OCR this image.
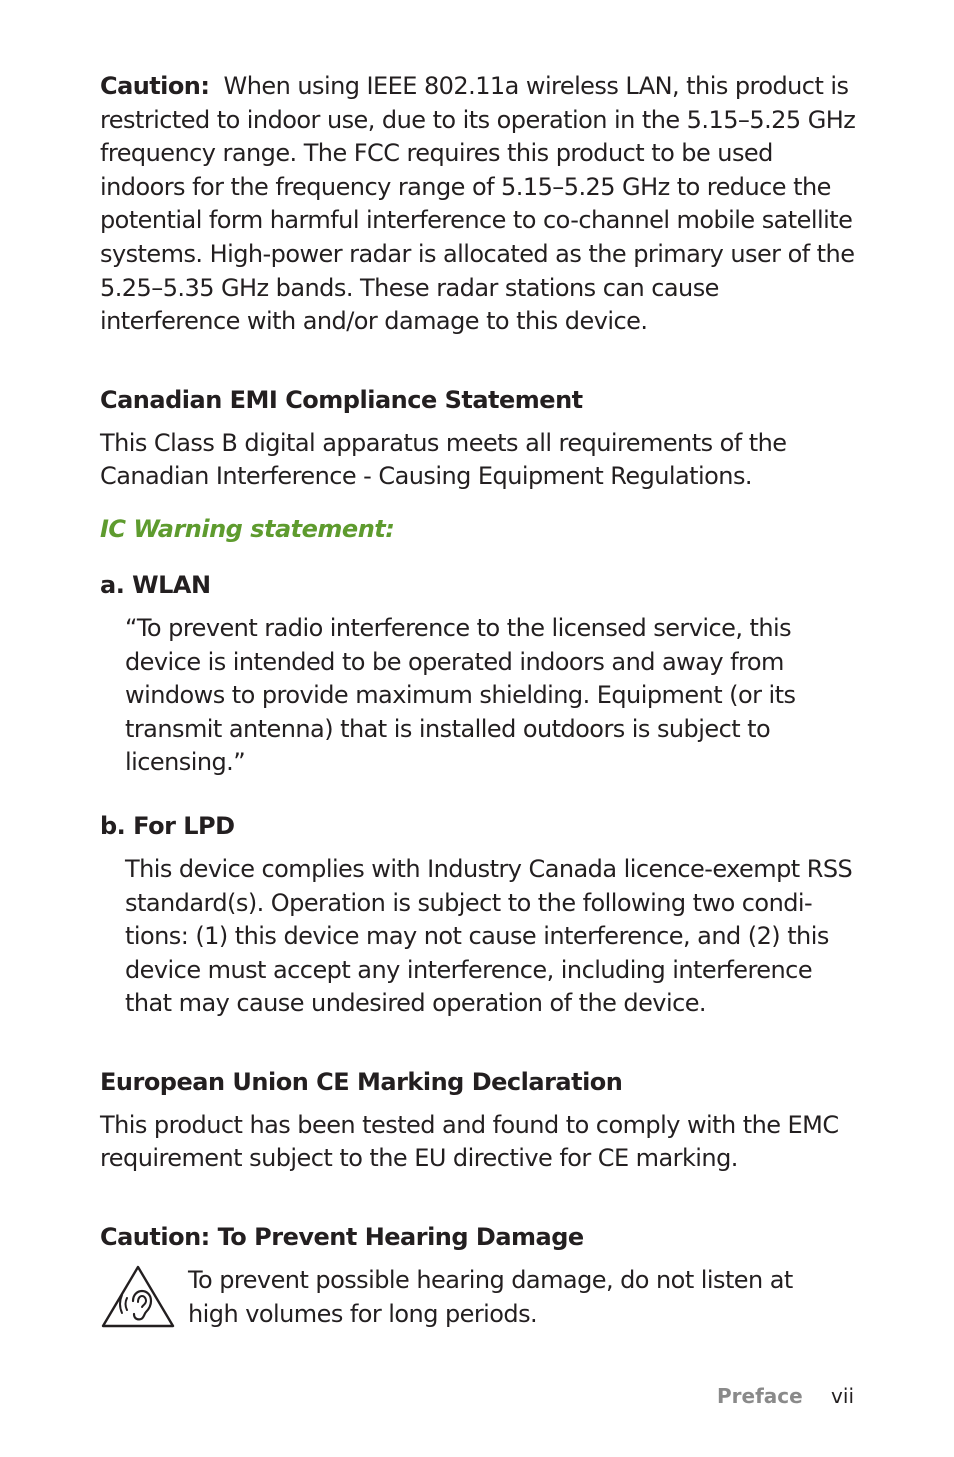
Caution: When using IEEE 802.11a wireless LAN, this product is restricted to indoor use, due to its operation in the 5.15–5.25 GHz frequency range. The FCC requires this product to be used indoors for the frequency range of 5.15–5.25 GHz to reduce the potential form harmful interference to co-channel mobile satellite systems. High-power radar is allocated as the primary user of the 5.25–5.35 GHz bands. These radar stations can cause interference with and/or damage to this device.

Canadian EMI Compliance Statement

This Class B digital apparatus meets all requirements of the Canadian Interference - Causing Equipment Regulations.

IC Warning statement:

a. WLAN

“To prevent radio interference to the licensed service, this device is intended to be operated indoors and away from windows to provide maximum shielding. Equipment (or its transmit antenna) that is installed outdoors is subject to licensing.”

b. For LPD

This device complies with Industry Canada licence-exempt RSS standard(s). Operation is subject to the following two condi-tions: (1) this device may not cause interference, and (2) this device must accept any interference, including interference that may cause undesired operation of the device.

European Union CE Marking Declaration

This product has been tested and found to comply with the EMC requirement subject to the EU directive for CE marking.

Caution: To Prevent Hearing Damage

To prevent possible hearing damage, do not listen at high volumes for long periods.

Preface vii
